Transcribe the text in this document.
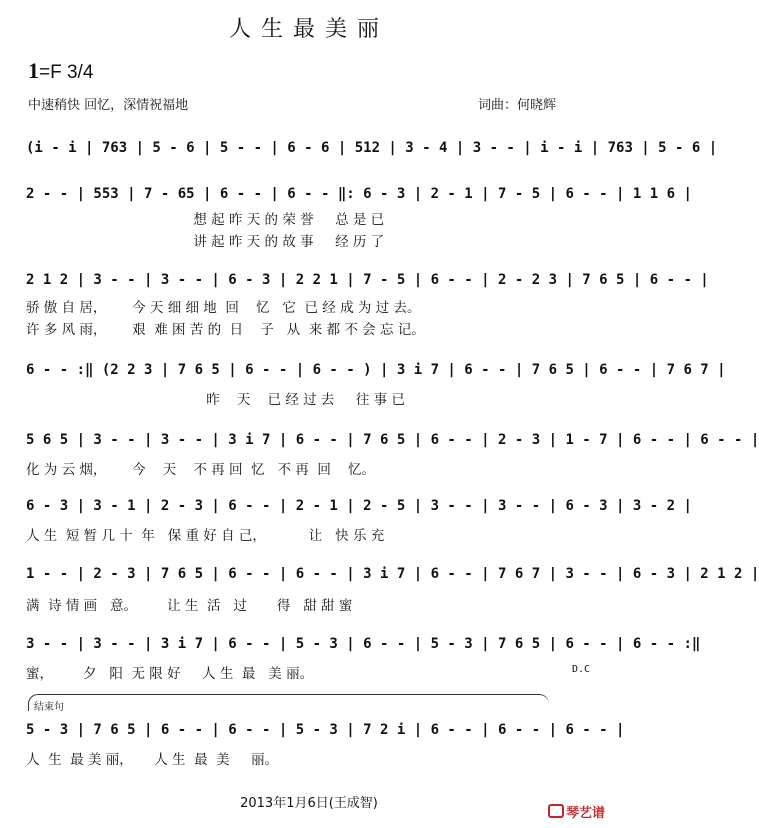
人生最美丽
1=F 3/4
中速稍快 回忆，深情祝福地	词曲：何晓辉
(i - i | 763 | 5 - 6 | 5 - - | 6 - 6 | 512 | 3 - 4 | 3 - - | i - i | 763 | 5 - 6 |
2 - - | 553 | 7 - 65 | 6 - - | 6 - - ‖: 6 - 3 | 2 - 1 | 7 - 5 | 6 - - | 1 1 6 |
想 起 昨 天 的 荣 誉     总 是 已
讲 起 昨 天 的 故 事     经 历 了
2 1 2 | 3 - - | 3 - - | 6 - 3 | 2 2 1 | 7 - 5 | 6 - - | 2 - 2 3 | 7 6 5 | 6 - - |
骄 傲 自 居，      今 天 细 细 地  回    忆   它  已 经 成 为 过 去。
许 多 风 雨，      艰  难 困 苦 的  日    子   从  来 都 不 会 忘 记。
6 - - :‖ (2 2 3 | 7 6 5 | 6 - - | 6 - - ) | 3 i 7 | 6 - - | 7 6 5 | 6 - - | 7 6 7 |
昨    天    已 经 过 去     往 事 已
5 6 5 | 3 - - | 3 - - | 3 i 7 | 6 - - | 7 6 5 | 6 - - | 2 - 3 | 1 - 7 | 6 - - | 6 - - |
化 为 云 烟，      今    天    不 再 回  忆   不 再  回    忆。
6 - 3 | 3 - 1 | 2 - 3 | 6 - - | 2 - 1 | 2 - 5 | 3 - - | 3 - - | 6 - 3 | 3 - 2 |
人 生  短 暂 几 十  年   保 重 好 自 己，          让   快 乐 充
1 - - | 2 - 3 | 7 6 5 | 6 - - | 6 - - | 3 i 7 | 6 - - | 7 6 7 | 3 - - | 6 - 3 | 2 1 2 |
满  诗 情 画   意。       让 生  活   过       得   甜 甜 蜜
3 - - | 3 - - | 3 i 7 | 6 - - | 5 - 3 | 6 - - | 5 - 3 | 7 6 5 | 6 - - | 6 - - :‖
蜜，       夕   阳  无 限 好     人 生  最   美 丽。	D.C
结束句
5 - 3 | 7 6 5 | 6 - - | 6 - - | 5 - 3 | 7 2 i | 6 - - | 6 - - | 6 - - |
人  生  最 美 丽，     人 生  最  美     丽。
2013年1月6日(王成智)
琴艺谱
